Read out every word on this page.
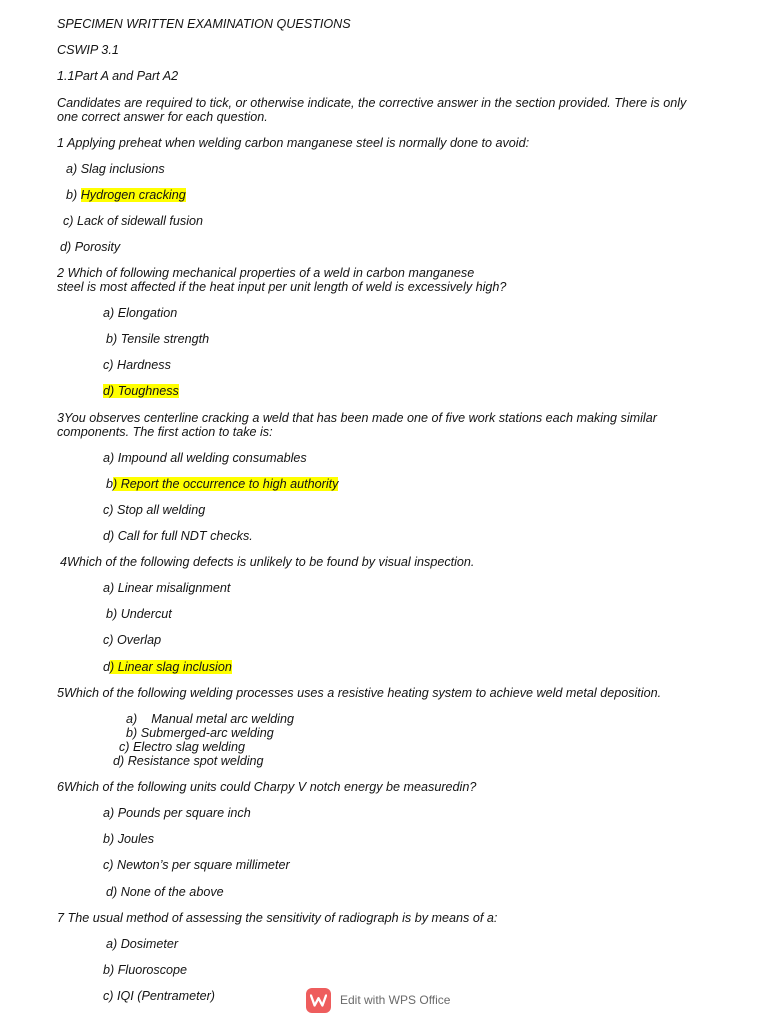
SPECIMEN WRITTEN EXAMINATION QUESTIONS
CSWIP 3.1
1.1Part A and Part A2
Candidates are required to tick, or otherwise indicate, the corrective answer in the section provided. There is only
one correct answer for each question.
1 Applying preheat when welding carbon manganese steel is normally done to avoid:
a) Slag inclusions
b) Hydrogen cracking
c) Lack of sidewall fusion
d) Porosity
2 Which of following mechanical properties of a weld in carbon manganese
steel is most affected if the heat input per unit length of weld is excessively high?
a) Elongation
b) Tensile strength
c) Hardness
d) Toughness
3You observes centerline cracking a weld that has been made one of five work stations each making similar
components. The first action to take is:
a) Impound all welding consumables
b) Report the occurrence to high authority
c) Stop all welding
d) Call for full NDT checks.
4Which of the following defects is unlikely to be found by visual inspection.
a) Linear misalignment
b) Undercut
c) Overlap
d) Linear slag inclusion
5Which of the following welding processes uses a resistive heating system to achieve weld metal deposition.
a)    Manual metal arc welding
b) Submerged-arc welding
c) Electro slag welding
d) Resistance spot welding
6Which of the following units could Charpy V notch energy be measuredin?
a) Pounds per square inch
b) Joules
c) Newton’s per square millimeter
d) None of the above
7 The usual method of assessing the sensitivity of radiograph is by means of a:
a) Dosimeter
b) Fluoroscope
c) IQI (Pentrameter)	Edit with WPS Office
